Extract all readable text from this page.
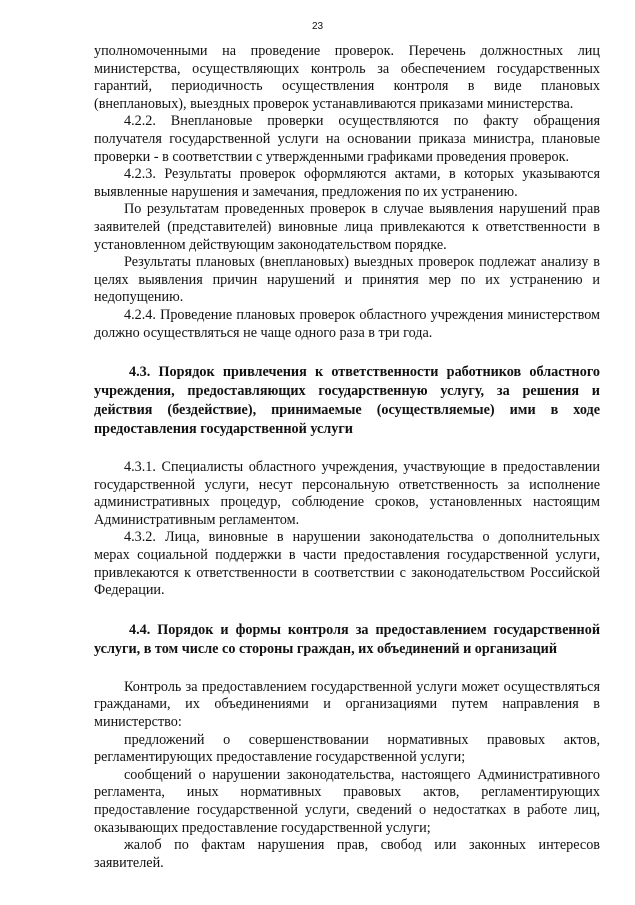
23

уполномоченными на проведение проверок. Перечень должностных лиц министерства, осуществляющих контроль за обеспечением государственных гарантий, периодичность осуществления контроля в виде плановых (внеплановых), выездных проверок устанавливаются приказами министерства.

4.2.2. Внеплановые проверки осуществляются по факту обращения получателя государственной услуги на основании приказа министра, плановые проверки - в соответствии с утвержденными графиками проведения проверок.

4.2.3. Результаты проверок оформляются актами, в которых указываются выявленные нарушения и замечания, предложения по их устранению.

По результатам проведенных проверок в случае выявления нарушений прав заявителей (представителей) виновные лица привлекаются к ответственности в установленном действующим законодательством порядке.

Результаты плановых (внеплановых) выездных проверок подлежат анализу в целях выявления причин нарушений и принятия мер по их устранению и недопущению.

4.2.4. Проведение плановых проверок областного учреждения министерством должно осуществляться не чаще одного раза в три года.

4.3. Порядок привлечения к ответственности работников областного учреждения, предоставляющих государственную услугу, за решения и действия (бездействие), принимаемые (осуществляемые) ими в ходе предоставления государственной услуги

4.3.1. Специалисты областного учреждения, участвующие в предоставлении государственной услуги, несут персональную ответственность за исполнение административных процедур, соблюдение сроков, установленных настоящим Административным регламентом.

4.3.2. Лица, виновные в нарушении законодательства о дополнительных мерах социальной поддержки в части предоставления государственной услуги, привлекаются к ответственности в соответствии с законодательством Российской Федерации.

4.4. Порядок и формы контроля за предоставлением государственной услуги, в том числе со стороны граждан, их объединений и организаций

Контроль за предоставлением государственной услуги может осуществляться гражданами, их объединениями и организациями путем направления в министерство:

предложений о совершенствовании нормативных правовых актов, регламентирующих предоставление государственной услуги;

сообщений о нарушении законодательства, настоящего Административного регламента, иных нормативных правовых актов, регламентирующих предоставление государственной услуги, сведений о недостатках в работе лиц, оказывающих предоставление государственной услуги;

жалоб по фактам нарушения прав, свобод или законных интересов заявителей.
